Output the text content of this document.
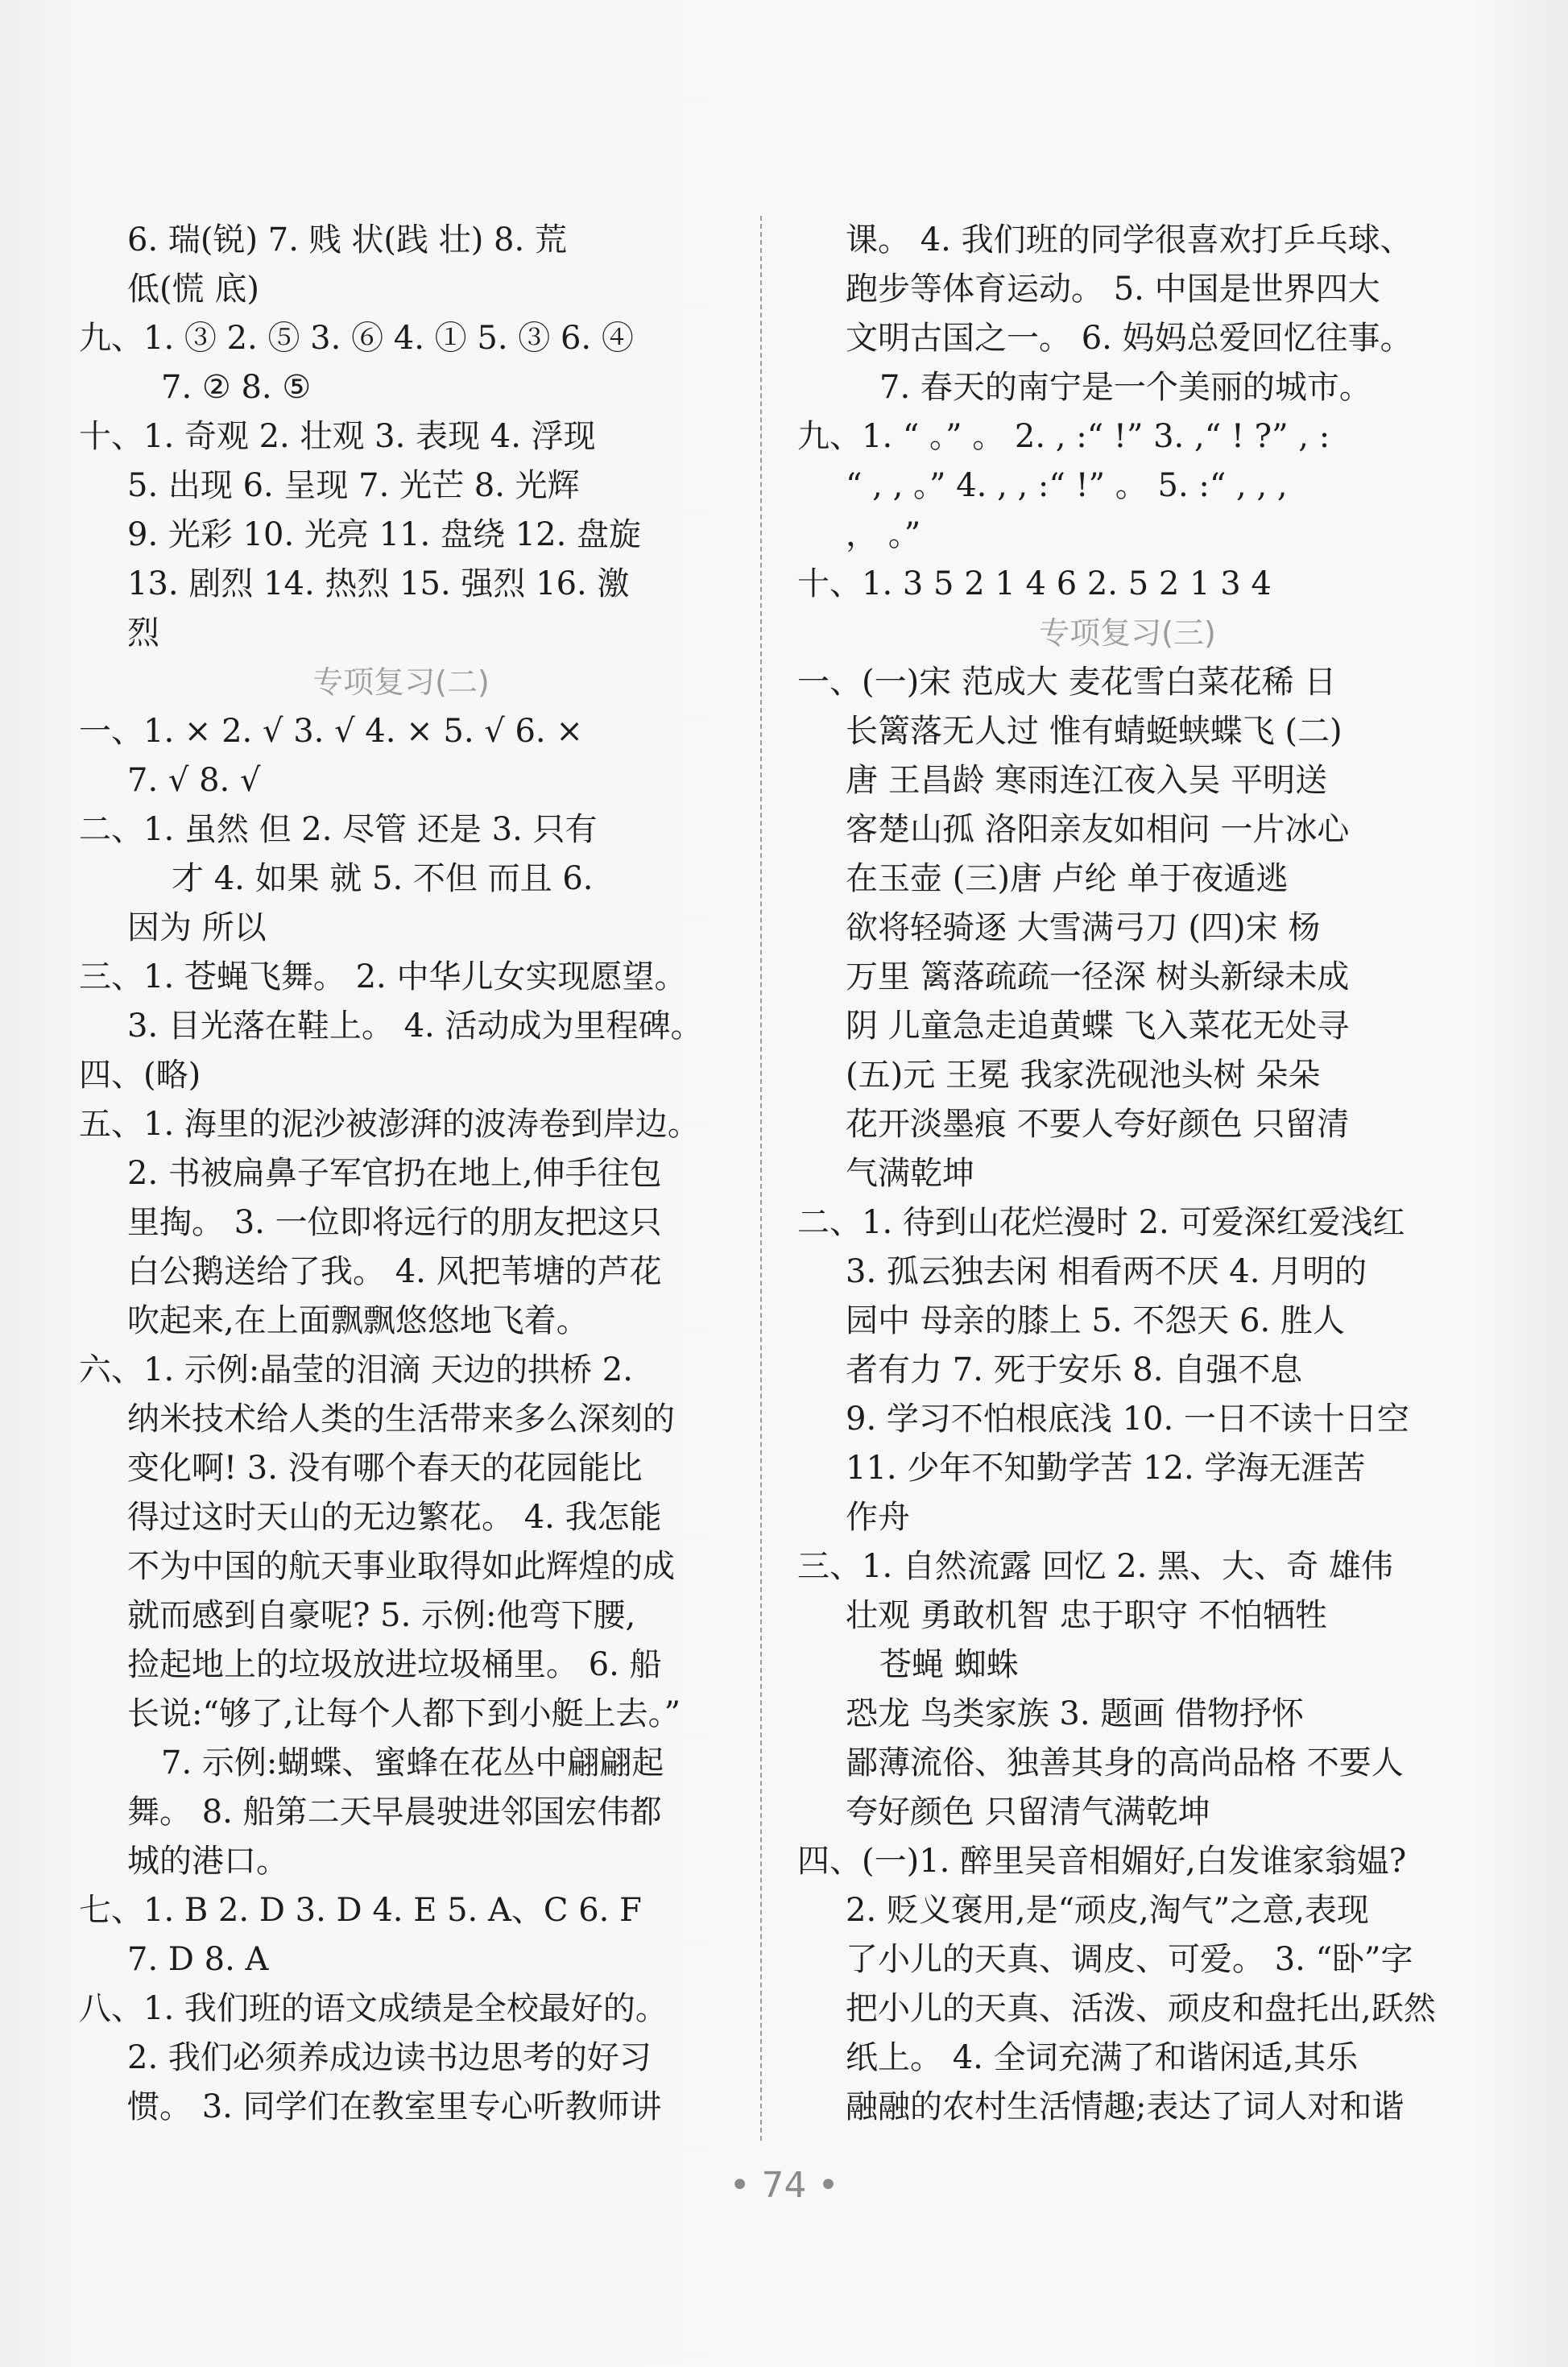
6. 瑞(锐) 7. 贱 状(践 壮) 8. 荒
低(慌 底)
九、1. ③ 2. ⑤ 3. ⑥ 4. ① 5. ③ 6. ④
7. ② 8. ⑤
十、1. 奇观 2. 壮观 3. 表现 4. 浮现
5. 出现 6. 呈现 7. 光芒 8. 光辉
9. 光彩 10. 光亮 11. 盘绕 12. 盘旋
13. 剧烈 14. 热烈 15. 强烈 16. 激
烈
专项复习(二)
一、1. × 2. √ 3. √ 4. × 5. √ 6. ×
7. √ 8. √
二、1. 虽然 但 2. 尽管 还是 3. 只有
才 4. 如果 就 5. 不但 而且 6.
因为 所以
三、1. 苍蝇飞舞。 2. 中华儿女实现愿望。
3. 目光落在鞋上。 4. 活动成为里程碑。
四、(略)
五、1. 海里的泥沙被澎湃的波涛卷到岸边。
2. 书被扁鼻子军官扔在地上,伸手往包
里掏。 3. 一位即将远行的朋友把这只
白公鹅送给了我。 4. 风把苇塘的芦花
吹起来,在上面飘飘悠悠地飞着。
六、1. 示例:晶莹的泪滴 天边的拱桥 2.
纳米技术给人类的生活带来多么深刻的
变化啊! 3. 没有哪个春天的花园能比
得过这时天山的无边繁花。 4. 我怎能
不为中国的航天事业取得如此辉煌的成
就而感到自豪呢? 5. 示例:他弯下腰,
捡起地上的垃圾放进垃圾桶里。 6. 船
长说:“够了,让每个人都下到小艇上去。”
7. 示例:蝴蝶、蜜蜂在花丛中翩翩起
舞。 8. 船第二天早晨驶进邻国宏伟都
城的港口。
七、1. B 2. D 3. D 4. E 5. A、C 6. F
7. D 8. A
八、1. 我们班的语文成绩是全校最好的。
2. 我们必须养成边读书边思考的好习
惯。 3. 同学们在教室里专心听教师讲
课。 4. 我们班的同学很喜欢打乒乓球、
跑步等体育运动。 5. 中国是世界四大
文明古国之一。 6. 妈妈总爱回忆往事。
7. 春天的南宁是一个美丽的城市。
九、1. “ 。” 。 2. , :“ !” 3. ,“ ! ?” , :
“ , , 。” 4. , , :“ !” 。 5. :“ , , ,
， 。”
十、1. 3 5 2 1 4 6 2. 5 2 1 3 4
专项复习(三)
一、(一)宋 范成大 麦花雪白菜花稀 日
长篱落无人过 惟有蜻蜓蛱蝶飞 (二)
唐 王昌龄 寒雨连江夜入吴 平明送
客楚山孤 洛阳亲友如相问 一片冰心
在玉壶 (三)唐 卢纶 单于夜遁逃
欲将轻骑逐 大雪满弓刀 (四)宋 杨
万里 篱落疏疏一径深 树头新绿未成
阴 儿童急走追黄蝶 飞入菜花无处寻
(五)元 王冕 我家洗砚池头树 朵朵
花开淡墨痕 不要人夸好颜色 只留清
气满乾坤
二、1. 待到山花烂漫时 2. 可爱深红爱浅红
3. 孤云独去闲 相看两不厌 4. 月明的
园中 母亲的膝上 5. 不怨天 6. 胜人
者有力 7. 死于安乐 8. 自强不息
9. 学习不怕根底浅 10. 一日不读十日空
11. 少年不知勤学苦 12. 学海无涯苦
作舟
三、1. 自然流露 回忆 2. 黑、大、奇 雄伟
壮观 勇敢机智 忠于职守 不怕牺牲
苍蝇 蜘蛛
恐龙 鸟类家族 3. 题画 借物抒怀
鄙薄流俗、独善其身的高尚品格 不要人
夸好颜色 只留清气满乾坤
四、(一)1. 醉里吴音相媚好,白发谁家翁媪?
2. 贬义褒用,是“顽皮,淘气”之意,表现
了小儿的天真、调皮、可爱。 3. “卧”字
把小儿的天真、活泼、顽皮和盘托出,跃然
纸上。 4. 全词充满了和谐闲适,其乐
融融的农村生活情趣;表达了词人对和谐
• 74 •
